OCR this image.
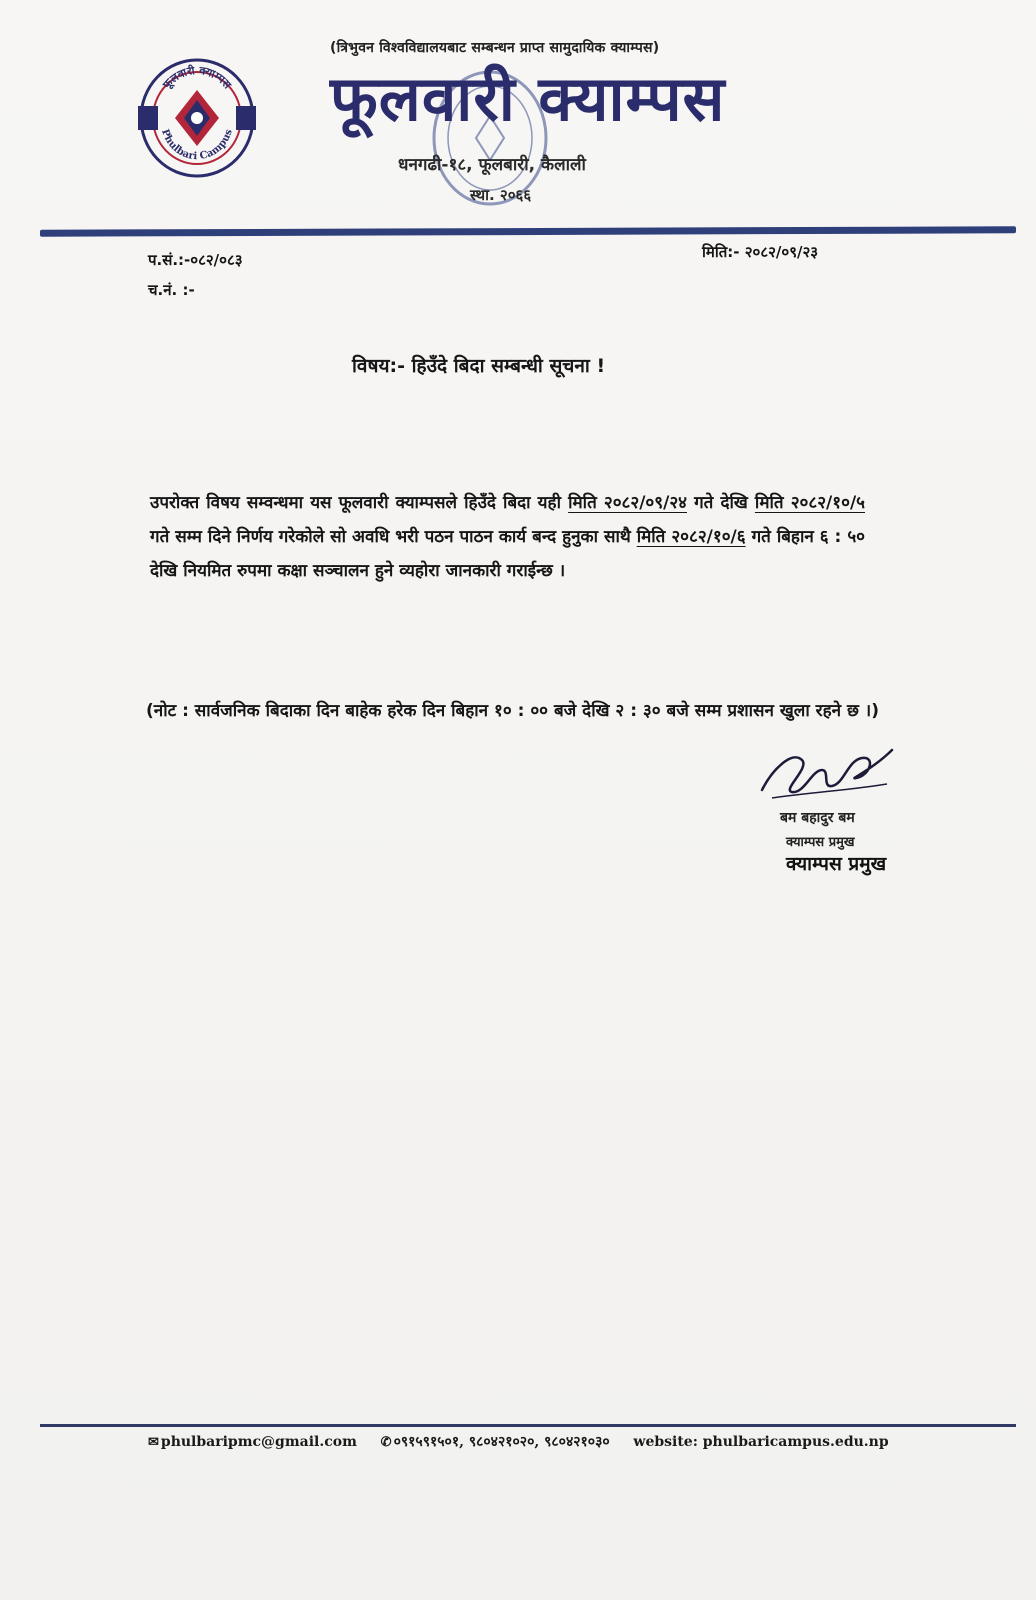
फूलवारी क्याम्पस
Phulbari Campus
(त्रिभुवन विश्वविद्यालयबाट सम्बन्धन प्राप्त सामुदायिक क्याम्पस)
फूलवारी क्याम्पस
धनगढी-१८, फूलबारी, कैलाली
स्था. २०६६
प.सं.:-०८२/०८३
च.नं. :-
मिति:- २०८२/०९/२३
विषय:- हिउँदे बिदा सम्बन्धी सूचना !
उपरोक्त विषय सम्वन्धमा यस फूलवारी क्याम्पसले हिउँदे बिदा यही मिति २०८२/०९/२४ गते देखि मिति २०८२/१०/५ गते सम्म दिने निर्णय गरेकोले सो अवधि भरी पठन पाठन कार्य बन्द हुनुका साथै मिति २०८२/१०/६ गते बिहान ६ : ५० देखि नियमित रुपमा कक्षा सञ्चालन हुने व्यहोरा जानकारी गराईन्छ ।
(नोट : सार्वजनिक बिदाका दिन बाहेक हरेक दिन बिहान १० : ०० बजे देखि २ : ३० बजे सम्म प्रशासन खुला रहने छ ।)
बम बहादुर बम
क्याम्पस प्रमुख
क्याम्पस प्रमुख
✉ phulbaripmc@gmail.com ✆ ०९१५९१५०१, ९८०४२१०२०, ९८०४२१०३० website: phulbaricampus.edu.np
